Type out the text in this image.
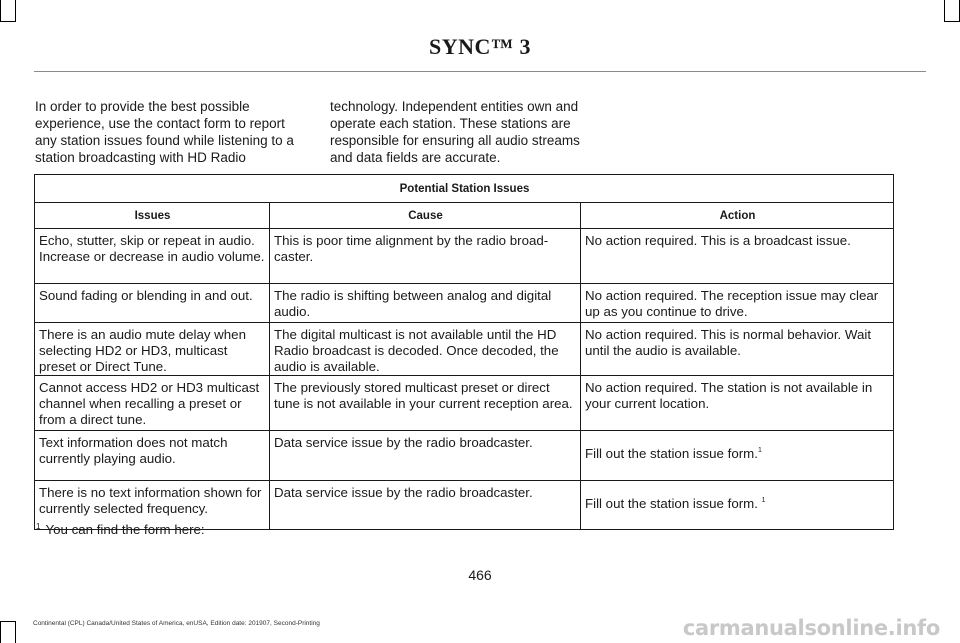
SYNC™ 3
In order to provide the best possible experience, use the contact form to report any station issues found while listening to a station broadcasting with HD Radio
technology. Independent entities own and operate each station. These stations are responsible for ensuring all audio streams and data fields are accurate.
Potential Station Issues		
Issues	Cause	Action
Echo, stutter, skip or repeat in audio. Increase or decrease in audio volume.	This is poor time alignment by the radio broad-caster.	No action required. This is a broadcast issue.
Sound fading or blending in and out.	The radio is shifting between analog and digital audio.	No action required. The reception issue may clear up as you continue to drive.
There is an audio mute delay when selecting HD2 or HD3, multicast preset or Direct Tune.	The digital multicast is not available until the HD Radio broadcast is decoded. Once decoded, the audio is available.	No action required. This is normal behavior. Wait until the audio is available.
Cannot access HD2 or HD3 multicast channel when recalling a preset or from a direct tune.	The previously stored multicast preset or direct tune is not available in your current reception area.	No action required. The station is not available in your current location.
Text information does not match currently playing audio.	Data service issue by the radio broadcaster.	Fill out the station issue form.$^1$
There is no text information shown for currently selected frequency.	Data service issue by the radio broadcaster.	Fill out the station issue form. $^1$
$^1$ You can find the form here:
466
Continental (CPL) Canada/United States of America, enUSA, Edition date: 201907, Second-Printing	carmanualsonline.info
